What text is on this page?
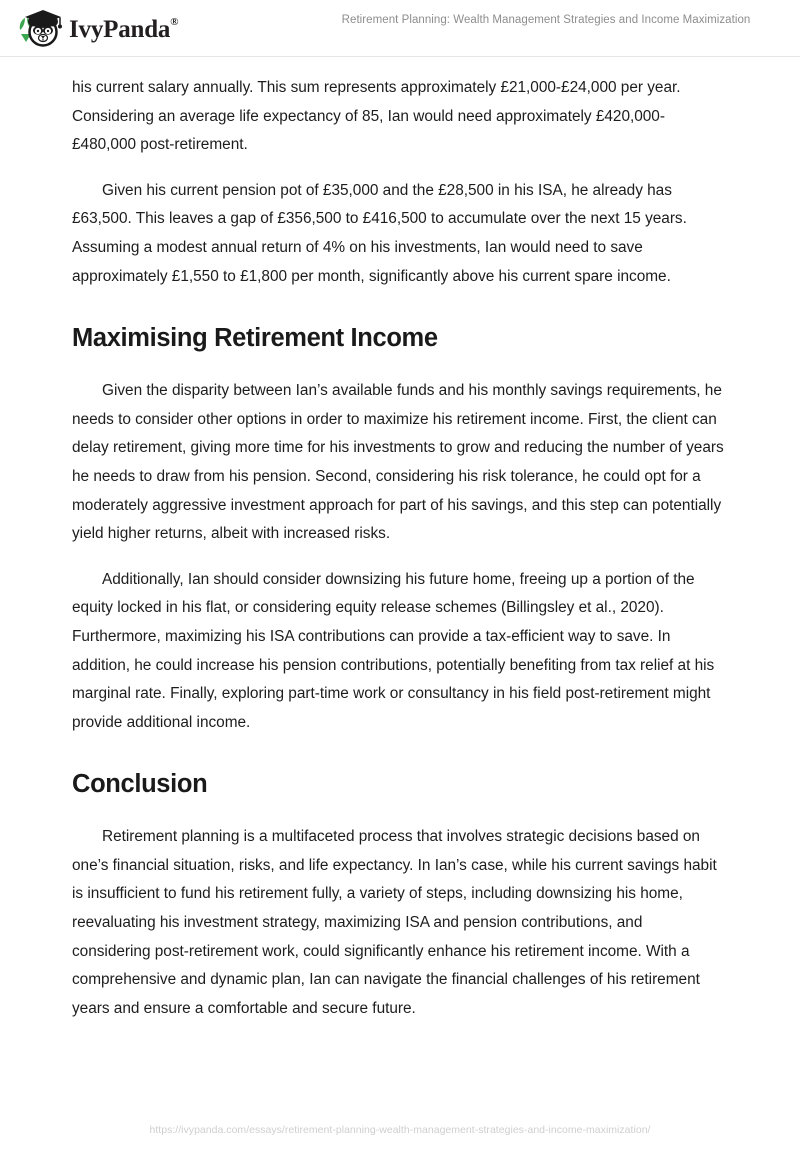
IvyPanda®	Retirement Planning: Wealth Management Strategies and Income Maximization

his current salary annually. This sum represents approximately £21,000-£24,000 per year. Considering an average life expectancy of 85, Ian would need approximately £420,000-£480,000 post-retirement.

Given his current pension pot of £35,000 and the £28,500 in his ISA, he already has £63,500. This leaves a gap of £356,500 to £416,500 to accumulate over the next 15 years. Assuming a modest annual return of 4% on his investments, Ian would need to save approximately £1,550 to £1,800 per month, significantly above his current spare income.

Maximising Retirement Income

Given the disparity between Ian’s available funds and his monthly savings requirements, he needs to consider other options in order to maximize his retirement income. First, the client can delay retirement, giving more time for his investments to grow and reducing the number of years he needs to draw from his pension. Second, considering his risk tolerance, he could opt for a moderately aggressive investment approach for part of his savings, and this step can potentially yield higher returns, albeit with increased risks.

Additionally, Ian should consider downsizing his future home, freeing up a portion of the equity locked in his flat, or considering equity release schemes (Billingsley et al., 2020). Furthermore, maximizing his ISA contributions can provide a tax-efficient way to save. In addition, he could increase his pension contributions, potentially benefiting from tax relief at his marginal rate. Finally, exploring part-time work or consultancy in his field post-retirement might provide additional income.

Conclusion

Retirement planning is a multifaceted process that involves strategic decisions based on one’s financial situation, risks, and life expectancy. In Ian’s case, while his current savings habit is insufficient to fund his retirement fully, a variety of steps, including downsizing his home, reevaluating his investment strategy, maximizing ISA and pension contributions, and considering post-retirement work, could significantly enhance his retirement income. With a comprehensive and dynamic plan, Ian can navigate the financial challenges of his retirement years and ensure a comfortable and secure future.

https://ivypanda.com/essays/retirement-planning-wealth-management-strategies-and-income-maximization/
